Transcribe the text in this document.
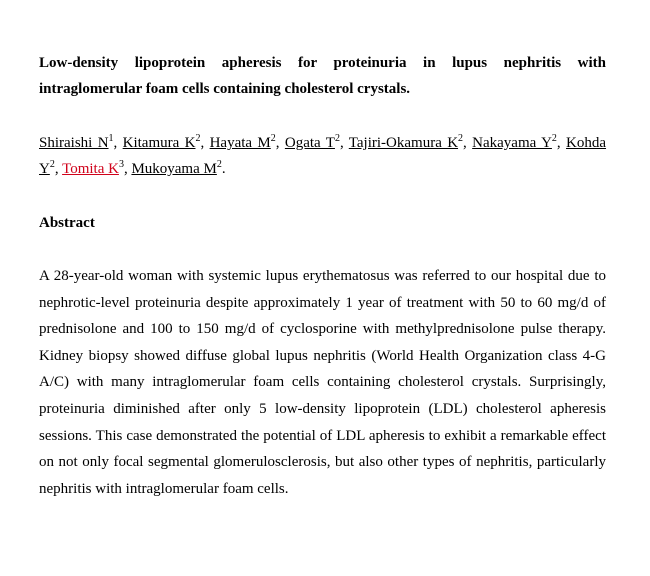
Low-density lipoprotein apheresis for proteinuria in lupus nephritis with intraglomerular foam cells containing cholesterol crystals.

Shiraishi $N^1$, Kitamura $K^2$, Hayata $M^2$, Ogata $T^2$, Tajiri-Okamura $K^2$, Nakayama $Y^2$, Kohda $Y^2$, Tomita $K^3$, Mukoyama $M^2$.
Abstract

A 28-year-old woman with systemic lupus erythematosus was referred to our hospital due to nephrotic-level proteinuria despite approximately 1 year of treatment with 50 to 60 mg/d of prednisolone and 100 to 150 mg/d of cyclosporine with methylprednisolone pulse therapy. Kidney biopsy showed diffuse global lupus nephritis (World Health Organization class 4-G A/C) with many intraglomerular foam cells containing cholesterol crystals. Surprisingly, proteinuria diminished after only 5 low-density lipoprotein (LDL) cholesterol apheresis sessions. This case demonstrated the potential of LDL apheresis to exhibit a remarkable effect on not only focal segmental glomerulosclerosis, but also other types of nephritis, particularly nephritis with intraglomerular foam cells.
